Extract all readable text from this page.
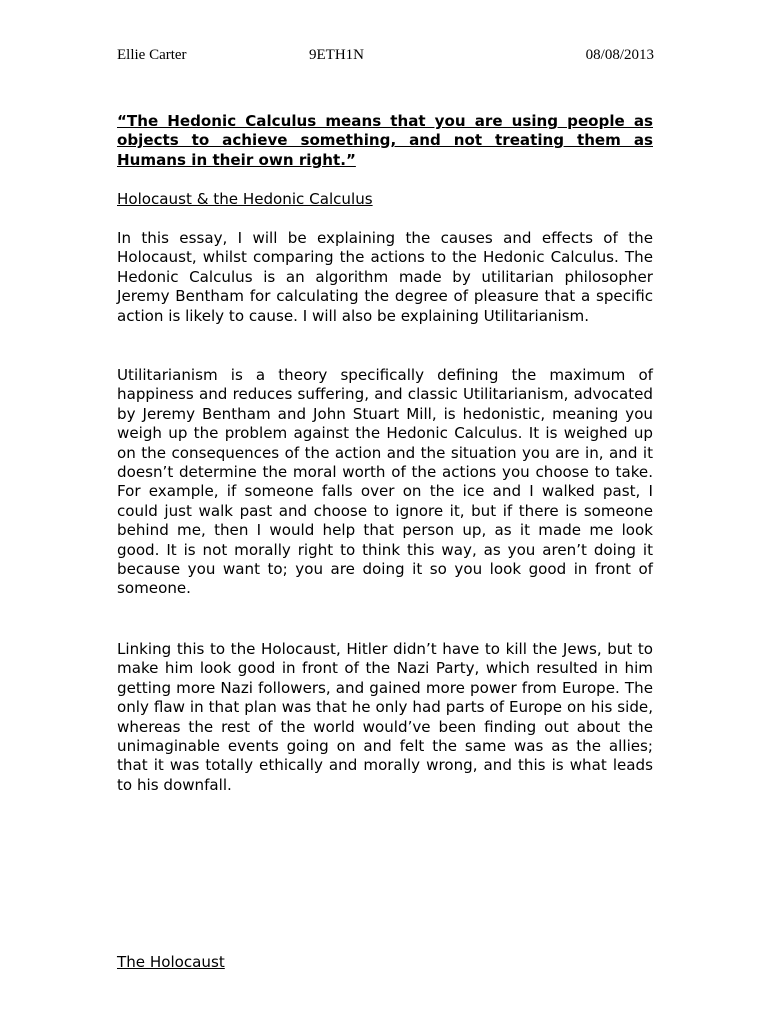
Ellie Carter	9ETH1N	08/08/2013
“The Hedonic Calculus means that you are using people as objects to achieve something, and not treating them as Humans in their own right.”
Holocaust & the Hedonic Calculus

In this essay, I will be explaining the causes and effects of the Holocaust, whilst comparing the actions to the Hedonic Calculus. The Hedonic Calculus is an algorithm made by utilitarian philosopher Jeremy Bentham for calculating the degree of pleasure that a specific action is likely to cause. I will also be explaining Utilitarianism.

Utilitarianism is a theory specifically defining the maximum of happiness and reduces suffering, and classic Utilitarianism, advocated by Jeremy Bentham and John Stuart Mill, is hedonistic, meaning you weigh up the problem against the Hedonic Calculus. It is weighed up on the consequences of the action and the situation you are in, and it doesn’t determine the moral worth of the actions you choose to take. For example, if someone falls over on the ice and I walked past, I could just walk past and choose to ignore it, but if there is someone behind me, then I would help that person up, as it made me look good. It is not morally right to think this way, as you aren’t doing it because you want to; you are doing it so you look good in front of someone.

Linking this to the Holocaust, Hitler didn’t have to kill the Jews, but to make him look good in front of the Nazi Party, which resulted in him getting more Nazi followers, and gained more power from Europe. The only flaw in that plan was that he only had parts of Europe on his side, whereas the rest of the world would’ve been finding out about the unimaginable events going on and felt the same was as the allies; that it was totally ethically and morally wrong, and this is what leads to his downfall.

The Holocaust
